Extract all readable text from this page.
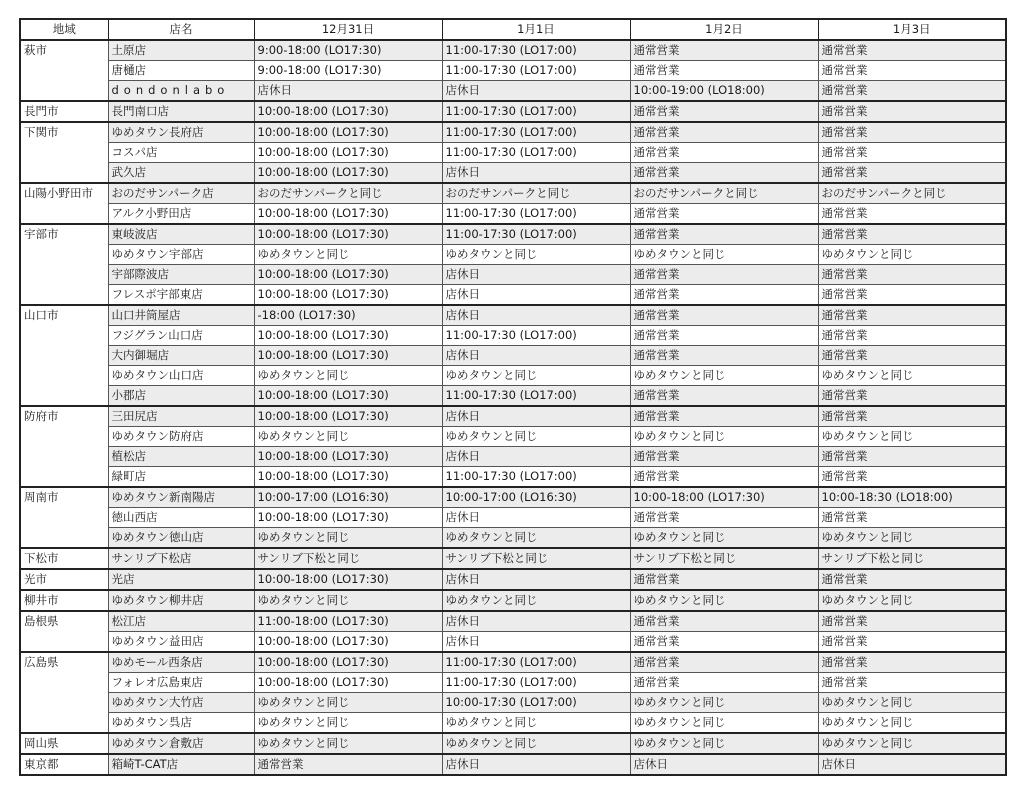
地域	店名	12月31日	1月1日	1月2日	1月3日
萩市	土原店	9:00-18:00 (LO17:30)	11:00-17:30 (LO17:00)	通常営業	通常営業
	唐樋店	9:00-18:00 (LO17:30)	11:00-17:30 (LO17:00)	通常営業	通常営業
	dondonlabo	店休日	店休日	10:00-19:00 (LO18:00)	通常営業
長門市	長門南口店	10:00-18:00 (LO17:30)	11:00-17:30 (LO17:00)	通常営業	通常営業
下関市	ゆめタウン長府店	10:00-18:00 (LO17:30)	11:00-17:30 (LO17:00)	通常営業	通常営業
	コスパ店	10:00-18:00 (LO17:30)	11:00-17:30 (LO17:00)	通常営業	通常営業
	武久店	10:00-18:00 (LO17:30)	店休日	通常営業	通常営業
山陽小野田市	おのだサンパーク店	おのだサンパークと同じ	おのだサンパークと同じ	おのだサンパークと同じ	おのだサンパークと同じ
	アルク小野田店	10:00-18:00 (LO17:30)	11:00-17:30 (LO17:00)	通常営業	通常営業
宇部市	東岐波店	10:00-18:00 (LO17:30)	11:00-17:30 (LO17:00)	通常営業	通常営業
	ゆめタウン宇部店	ゆめタウンと同じ	ゆめタウンと同じ	ゆめタウンと同じ	ゆめタウンと同じ
	宇部際波店	10:00-18:00 (LO17:30)	店休日	通常営業	通常営業
	フレスポ宇部東店	10:00-18:00 (LO17:30)	店休日	通常営業	通常営業
山口市	山口井筒屋店	-18:00 (LO17:30)	店休日	通常営業	通常営業
	フジグラン山口店	10:00-18:00 (LO17:30)	11:00-17:30 (LO17:00)	通常営業	通常営業
	大内御堀店	10:00-18:00 (LO17:30)	店休日	通常営業	通常営業
	ゆめタウン山口店	ゆめタウンと同じ	ゆめタウンと同じ	ゆめタウンと同じ	ゆめタウンと同じ
	小郡店	10:00-18:00 (LO17:30)	11:00-17:30 (LO17:00)	通常営業	通常営業
防府市	三田尻店	10:00-18:00 (LO17:30)	店休日	通常営業	通常営業
	ゆめタウン防府店	ゆめタウンと同じ	ゆめタウンと同じ	ゆめタウンと同じ	ゆめタウンと同じ
	植松店	10:00-18:00 (LO17:30)	店休日	通常営業	通常営業
	緑町店	10:00-18:00 (LO17:30)	11:00-17:30 (LO17:00)	通常営業	通常営業
周南市	ゆめタウン新南陽店	10:00-17:00 (LO16:30)	10:00-17:00 (LO16:30)	10:00-18:00 (LO17:30)	10:00-18:30 (LO18:00)
	徳山西店	10:00-18:00 (LO17:30)	店休日	通常営業	通常営業
	ゆめタウン徳山店	ゆめタウンと同じ	ゆめタウンと同じ	ゆめタウンと同じ	ゆめタウンと同じ
下松市	サンリブ下松店	サンリブ下松と同じ	サンリブ下松と同じ	サンリブ下松と同じ	サンリブ下松と同じ
光市	光店	10:00-18:00 (LO17:30)	店休日	通常営業	通常営業
柳井市	ゆめタウン柳井店	ゆめタウンと同じ	ゆめタウンと同じ	ゆめタウンと同じ	ゆめタウンと同じ
島根県	松江店	11:00-18:00 (LO17:30)	店休日	通常営業	通常営業
	ゆめタウン益田店	10:00-18:00 (LO17:30)	店休日	通常営業	通常営業
広島県	ゆめモール西条店	10:00-18:00 (LO17:30)	11:00-17:30 (LO17:00)	通常営業	通常営業
	フォレオ広島東店	10:00-18:00 (LO17:30)	11:00-17:30 (LO17:00)	通常営業	通常営業
	ゆめタウン大竹店	ゆめタウンと同じ	10:00-17:30 (LO17:00)	ゆめタウンと同じ	ゆめタウンと同じ
	ゆめタウン呉店	ゆめタウンと同じ	ゆめタウンと同じ	ゆめタウンと同じ	ゆめタウンと同じ
岡山県	ゆめタウン倉敷店	ゆめタウンと同じ	ゆめタウンと同じ	ゆめタウンと同じ	ゆめタウンと同じ
東京都	箱崎T-CAT店	通常営業	店休日	店休日	店休日
